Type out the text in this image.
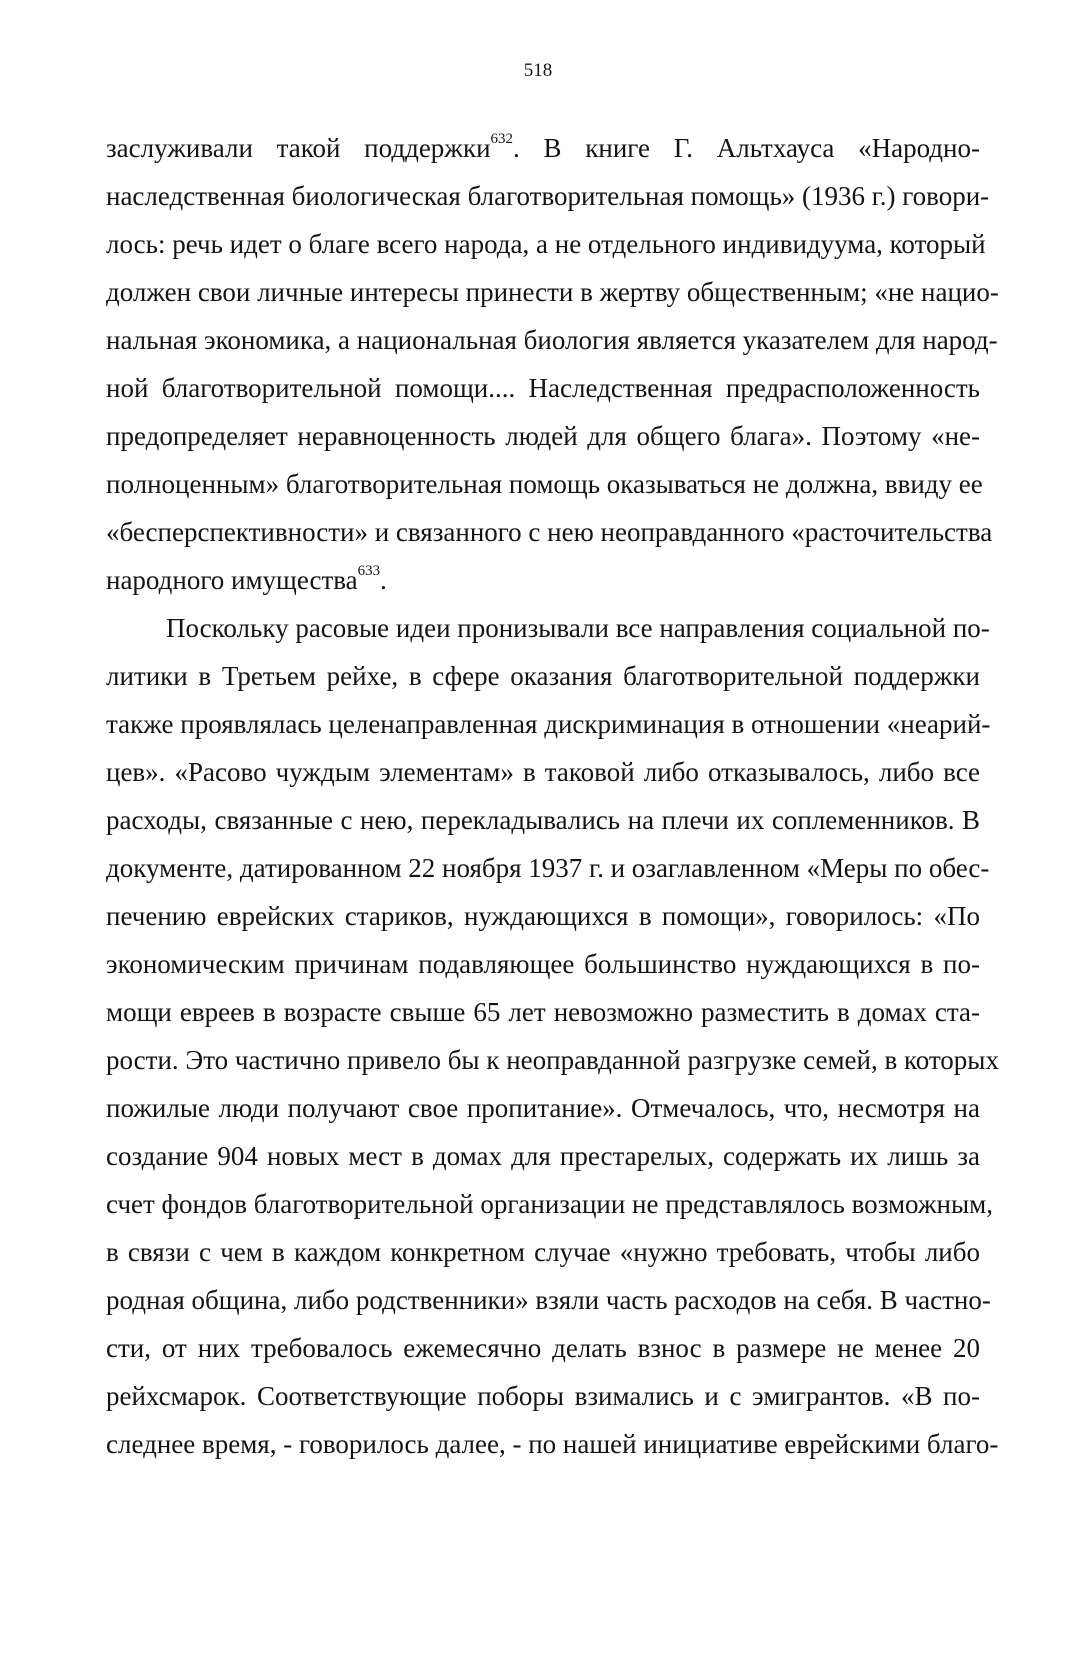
518
заслуживали такой поддержки$^{632}$. В книге Г. Альтхауса «Народно-
наследственная биологическая благотворительная помощь» (1936 г.) говори-
лось: речь идет о благе всего народа, а не отдельного индивидуума, который
должен свои личные интересы принести в жертву общественным; «не нацио-
нальная экономика, а национальная биология является указателем для народ-
ной благотворительной помощи.... Наследственная предрасположенность
предопределяет неравноценность людей для общего блага». Поэтому «не-
полноценным» благотворительная помощь оказываться не должна, ввиду ее
«бесперспективности» и связанного с нею неоправданного «расточительства
народного имущества$^{633}$.
Поскольку расовые идеи пронизывали все направления социальной по-
литики в Третьем рейхе, в сфере оказания благотворительной поддержки
также проявлялась целенаправленная дискриминация в отношении «неарий-
цев». «Расово чуждым элементам» в таковой либо отказывалось, либо все
расходы, связанные с нею, перекладывались на плечи их соплеменников. В
документе, датированном 22 ноября 1937 г. и озаглавленном «Меры по обес-
печению еврейских стариков, нуждающихся в помощи», говорилось: «По
экономическим причинам подавляющее большинство нуждающихся в по-
мощи евреев в возрасте свыше 65 лет невозможно разместить в домах ста-
рости. Это частично привело бы к неоправданной разгрузке семей, в которых
пожилые люди получают свое пропитание». Отмечалось, что, несмотря на
создание 904 новых мест в домах для престарелых, содержать их лишь за
счет фондов благотворительной организации не представлялось возможным,
в связи с чем в каждом конкретном случае «нужно требовать, чтобы либо
родная община, либо родственники» взяли часть расходов на себя. В частно-
сти, от них требовалось ежемесячно делать взнос в размере не менее 20
рейхсмарок. Соответствующие поборы взимались и с эмигрантов. «В по-
следнее время, - говорилось далее, - по нашей инициативе еврейскими благо-
